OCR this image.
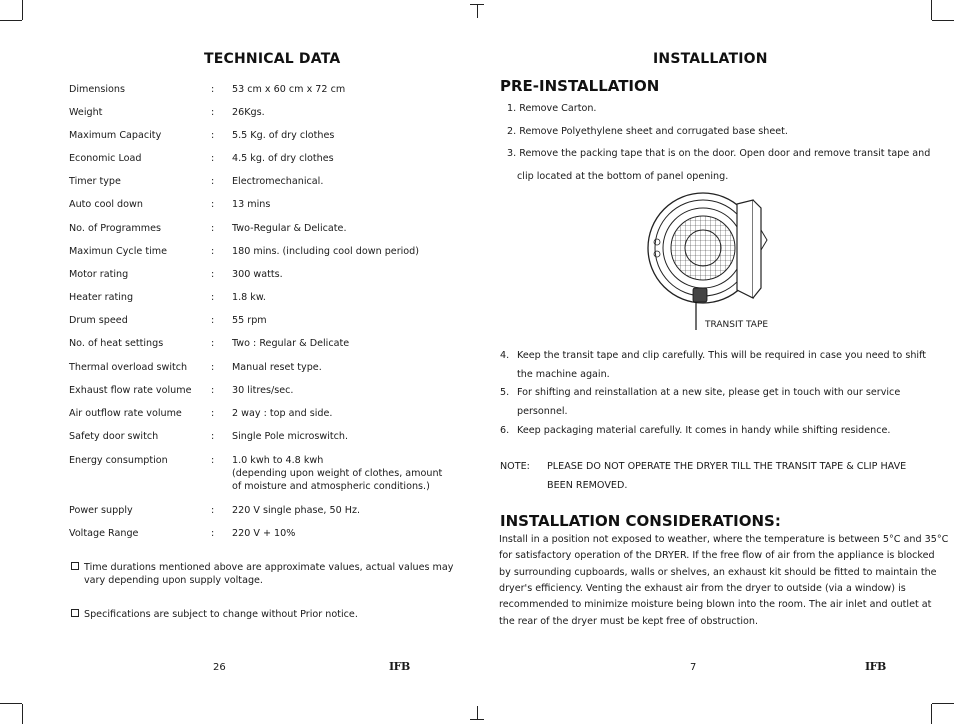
TECHNICAL DATA
Dimensions	: 53 cm x 60 cm x 72 cm
Weight	: 26Kgs.
Maximum Capacity	: 5.5 Kg. of dry clothes
Economic Load	: 4.5 kg. of dry clothes
Timer type	: Electromechanical.
Auto cool down	: 13 mins
No. of Programmes	: Two-Regular & Delicate.
Maximun Cycle time	: 180 mins. (including cool down period)
Motor rating	: 300 watts.
Heater rating	: 1.8 kw.
Drum speed	: 55 rpm
No. of heat settings	: Two : Regular & Delicate
Thermal overload switch	: Manual reset type.
Exhaust flow rate volume	: 30 litres/sec.
Air outflow rate volume	: 2 way : top and side.
Safety door switch	: Single Pole microswitch.
Energy consumption	: 1.0 kwh to 4.8 kwh
(depending upon weight of clothes, amount
of moisture and atmospheric conditions.)
Power supply	: 220 V single phase, 50 Hz.
Voltage Range	: 220 V + 10%
Time durations mentioned above are approximate values, actual values may
vary depending upon supply voltage.
Specifications are subject to change without Prior notice.
26	IFB
INSTALLATION
PRE-INSTALLATION
1. Remove Carton.
2. Remove Polyethylene sheet and corrugated base sheet.
3. Remove the packing tape that is on the door. Open door and remove transit tape and
clip located at the bottom of panel opening.
TRANSIT TAPE
4. Keep the transit tape and clip carefully. This will be required in case you need to shift
the machine again.
5. For shifting and reinstallation at a new site, please get in touch with our service
personnel.
6. Keep packaging material carefully. It comes in handy while shifting residence.
NOTE: PLEASE DO NOT OPERATE THE DRYER TILL THE TRANSIT TAPE & CLIP HAVE
BEEN REMOVED.
INSTALLATION CONSIDERATIONS:
Install in a position not exposed to weather, where the temperature is between 5°C and 35°C
for satisfactory operation of the DRYER. If the free flow of air from the appliance is blocked
by surrounding cupboards, walls or shelves, an exhaust kit should be fitted to maintain the
dryer's efficiency. Venting the exhaust air from the dryer to outside (via a window) is
recommended to minimize moisture being blown into the room. The air inlet and outlet at
the rear of the dryer must be kept free of obstruction.
7	IFB
